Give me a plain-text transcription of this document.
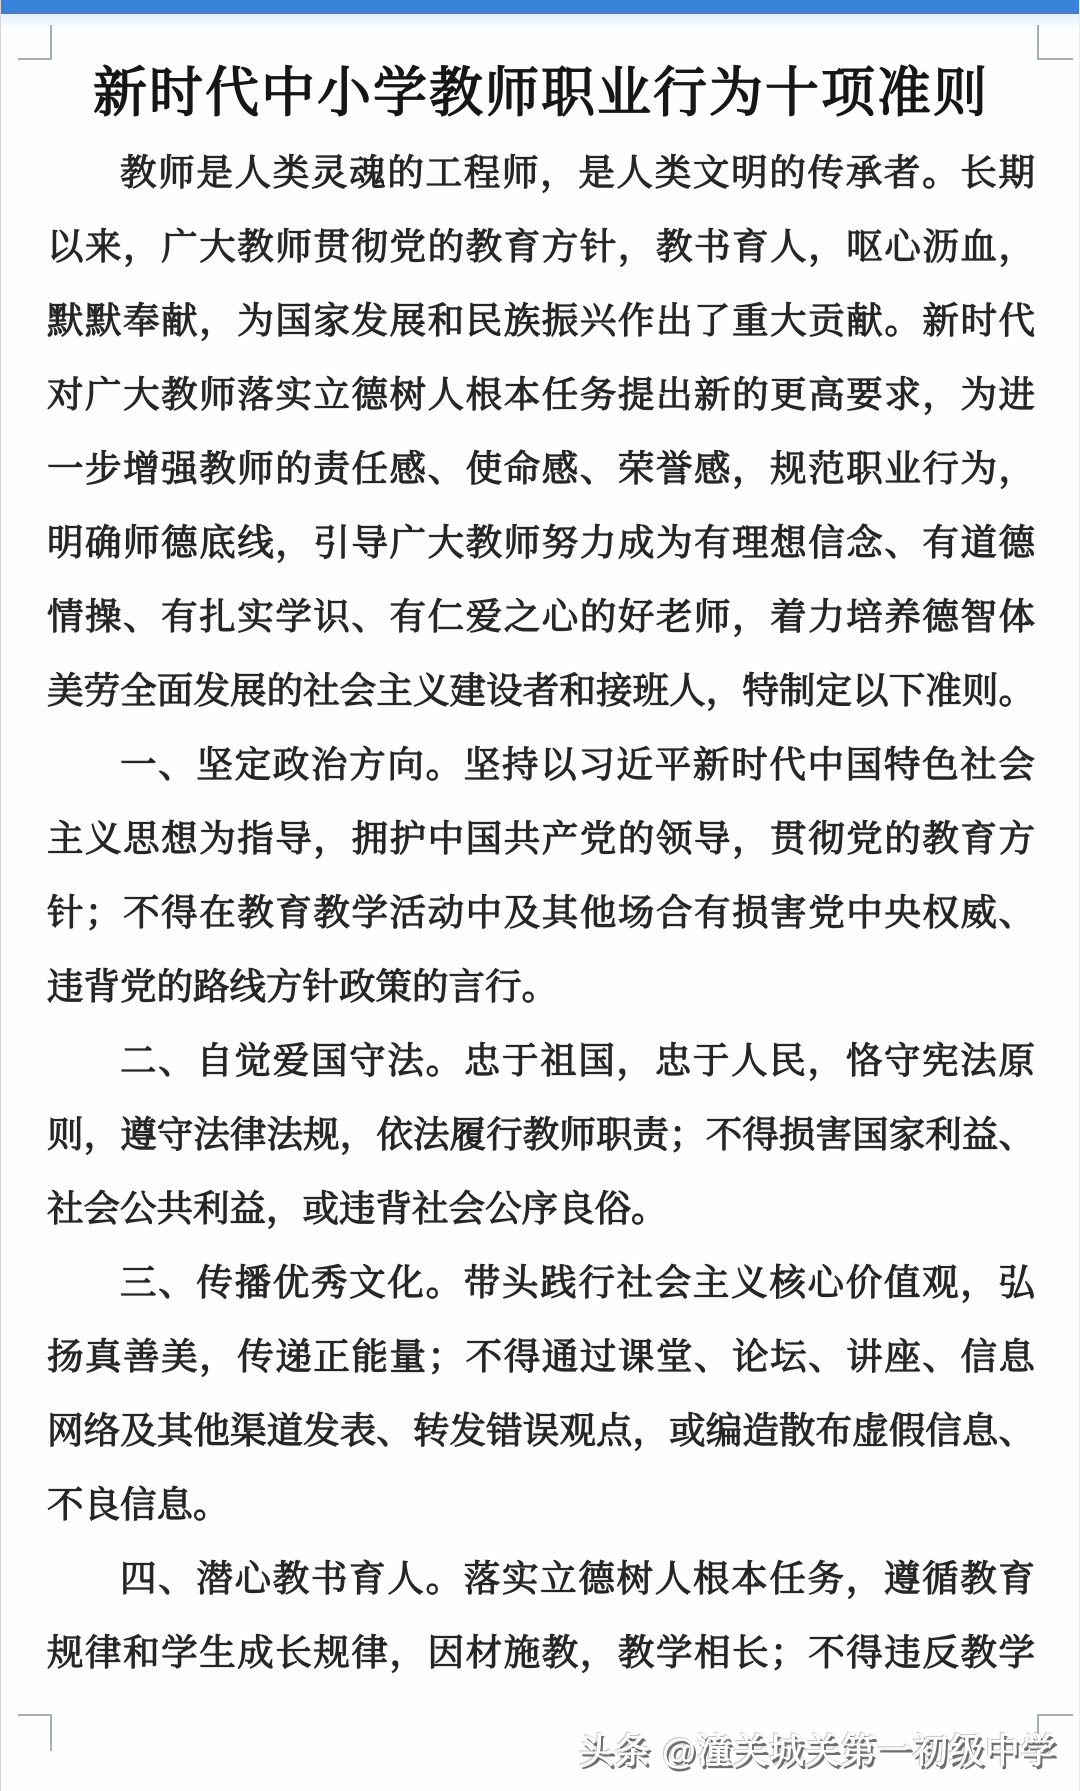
新时代中小学教师职业行为十项准则
教师是人类灵魂的工程师，是人类文明的传承者。长期
以来，广大教师贯彻党的教育方针，教书育人，呕心沥血，
默默奉献，为国家发展和民族振兴作出了重大贡献。新时代
对广大教师落实立德树人根本任务提出新的更高要求，为进
一步增强教师的责任感、使命感、荣誉感，规范职业行为，
明确师德底线，引导广大教师努力成为有理想信念、有道德
情操、有扎实学识、有仁爱之心的好老师，着力培养德智体
美劳全面发展的社会主义建设者和接班人，特制定以下准则。
一、坚定政治方向。坚持以习近平新时代中国特色社会
主义思想为指导，拥护中国共产党的领导，贯彻党的教育方
针；不得在教育教学活动中及其他场合有损害党中央权威、
违背党的路线方针政策的言行。
二、自觉爱国守法。忠于祖国，忠于人民，恪守宪法原
则，遵守法律法规，依法履行教师职责；不得损害国家利益、
社会公共利益，或违背社会公序良俗。
三、传播优秀文化。带头践行社会主义核心价值观，弘
扬真善美，传递正能量；不得通过课堂、论坛、讲座、信息
网络及其他渠道发表、转发错误观点，或编造散布虚假信息、
不良信息。
四、潜心教书育人。落实立德树人根本任务，遵循教育
规律和学生成长规律，因材施教，教学相长；不得违反教学
头条 @潼关城关第一初级中学
